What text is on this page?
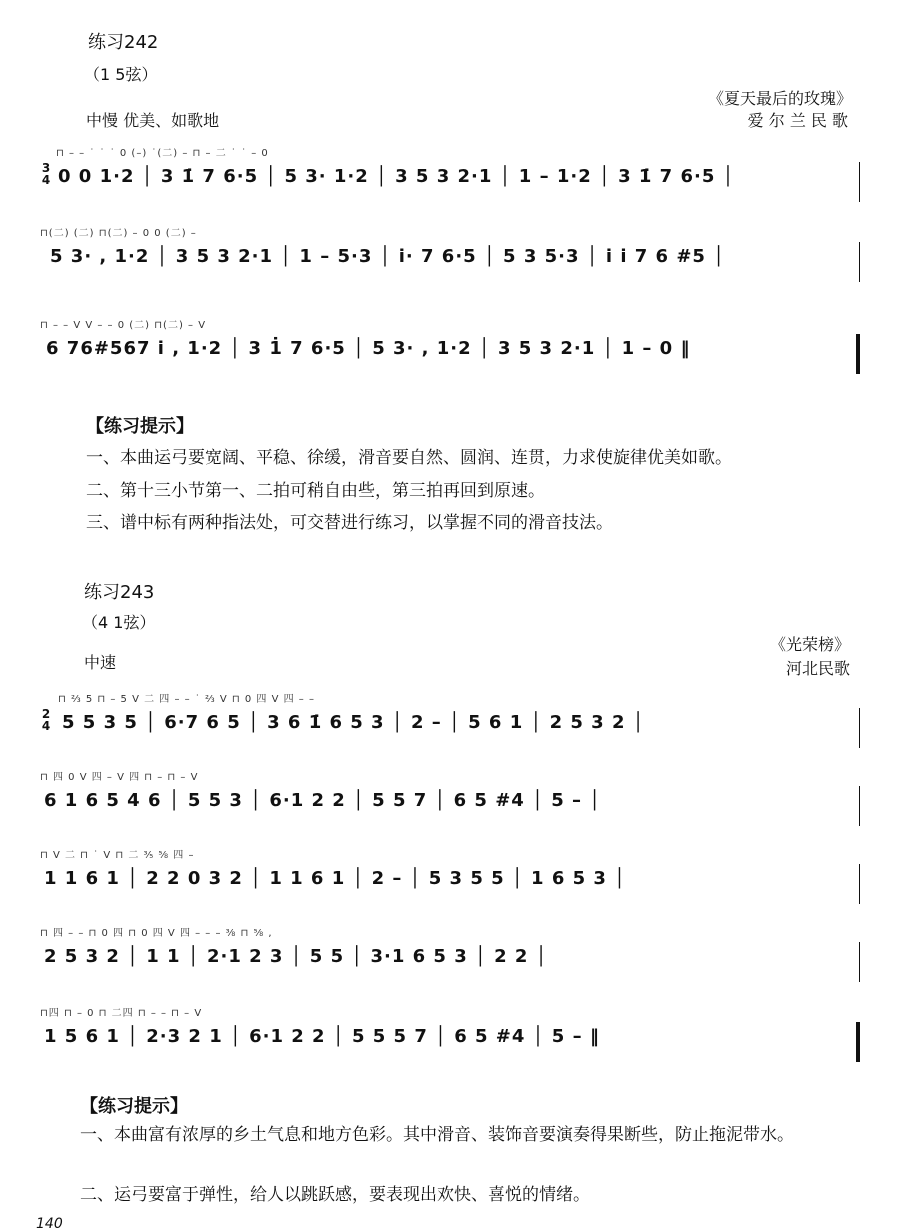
练习242
（1 5弦）
《夏天最后的玫瑰》
爱 尔 兰 民 歌
中慢 优美、如歌地
3
4
⊓ – – ˙ ˙ ˙ 0 (–) ˙(二) – ⊓ – 二 ˙ ˙ – 0
0 0 1·2 │ 3 1̇ 7 6·5 │ 5 3· 1·2 │ 3 5 3 2·1 │ 1 – 1·2 │ 3 1̇ 7 6·5 │
⊓(二) (二) ⊓(二) – 0 0 (二) –
5 3· , 1·2 │ 3 5 3 2·1 │ 1 – 5·3 │ i· 7 6·5 │ 5 3 5·3 │ i i 7 6 #5 │
⊓ – – V V – – 0 (二) ⊓(二) – V
6 76#567 i , 1·2 │ 3 1̇ 7 6·5 │ 5 3· , 1·2 │ 3 5 3 2·1 │ 1 – 0 ‖
【练习提示】
一、本曲运弓要宽阔、平稳、徐缓，滑音要自然、圆润、连贯，力求使旋律优美如歌。
二、第十三小节第一、二拍可稍自由些，第三拍再回到原速。
三、谱中标有两种指法处，可交替进行练习，以掌握不同的滑音技法。
练习243
（4 1弦）
《光荣榜》
河北民歌
中速
2
4
⊓ ⅔ 5 ⊓ – 5 V 二 四 – – ˙ ⅔ V ⊓ 0 四 V 四 – –
5 5 3 5 │ 6·7 6 5 │ 3 6 1̇ 6 5 3 │ 2 – │ 5 6 1 │ 2 5 3 2 │
⊓ 四 0 V 四 – V 四 ⊓ – ⊓ – V
6 1 6 5 4 6 │ 5 5 3 │ 6·1 2 2 │ 5 5 7 │ 6 5 #4 │ 5 – │
⊓ V 二 ⊓ ˙ V ⊓ 二 ⅗ ⅝ 四 –
1 1 6 1 │ 2 2 0 3 2 │ 1 1 6 1 │ 2 – │ 5 3 5 5 │ 1 6 5 3 │
⊓ 四 – – ⊓ 0 四 ⊓ 0 四 V 四 – – – ⅜ ⊓ ⅝ ,
2 5 3 2 │ 1 1 │ 2·1 2 3 │ 5 5 │ 3·1 6 5 3 │ 2 2 │
⊓四 ⊓ – 0 ⊓ 二四 ⊓ – – ⊓ – V
1 5 6 1 │ 2·3 2 1 │ 6·1 2 2 │ 5 5 5 7 │ 6 5 #4 │ 5 – ‖
【练习提示】
一、本曲富有浓厚的乡土气息和地方色彩。其中滑音、装饰音要演奏得果断些，防止拖泥带水。
二、运弓要富于弹性，给人以跳跃感，要表现出欢快、喜悦的情绪。
140
